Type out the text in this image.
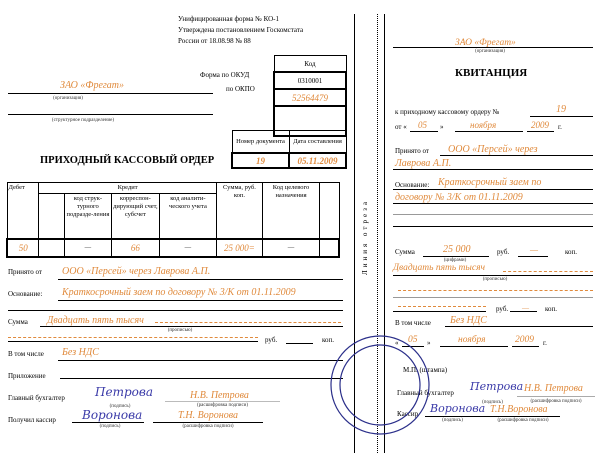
Унифицированная форма № КО-1
Утверждена постановлением Госкомстата
России от 18.08.98 № 88
Код
0310001
52564479

Форма по ОКУД
по ОКПО
ЗАО «Фрегат»
(организация)
(структурное подразделение)
Номер документа	Дата составления
19	05.11.2009
ПРИХОДНЫЙ КАССОВЫЙ ОРДЕР
Дебет	Кредит				Сумма, руб. коп.	Код целевого назначения	
		код струк-турного подразде-ления	корреспон-дирующий счет, субсчет	код аналити-ческого учета			
50		—	66	—	25 000=	—	
Принято от ООО «Персей» через Лаврова А.П.
Основание: Краткосрочный заем по договору № 3/К от 01.11.2009
Сумма Двадцать пять тысяч
(прописью)
руб.	коп.
В том числе Без НДС
Приложение
Главный бухгалтер	Петрова
(подпись)
Н.В. Петрова
(расшифровка подписи)
Получил кассир Воронова
(подпись)
Т.Н. Воронова
(расшифровка подписи)
Линия отреза
ЗАО «Фрегат»
(организация)
КВИТАНЦИЯ
к приходному кассовому ордеру №	19
от « 05 »	ноября	2009 г.
Принято от ООО «Персей» через
Лаврова А.П.
Основание: Краткосрочный заем по
договору № 3/К от 01.11.2009
Сумма	25 000
(цифрами)
руб. —	коп.
Двадцать пять тысяч
(прописью)
руб. — коп.
В том числе Без НДС
« 05 »	ноября	2009 г.
М.П. (штампа)
Главный бухгалтер Петрова
(подпись)
Н.В. Петрова
(расшифровка подписи)
Кассир Воронова
(подпись)
Т.Н.Воронова
(расшифровка подписи)
